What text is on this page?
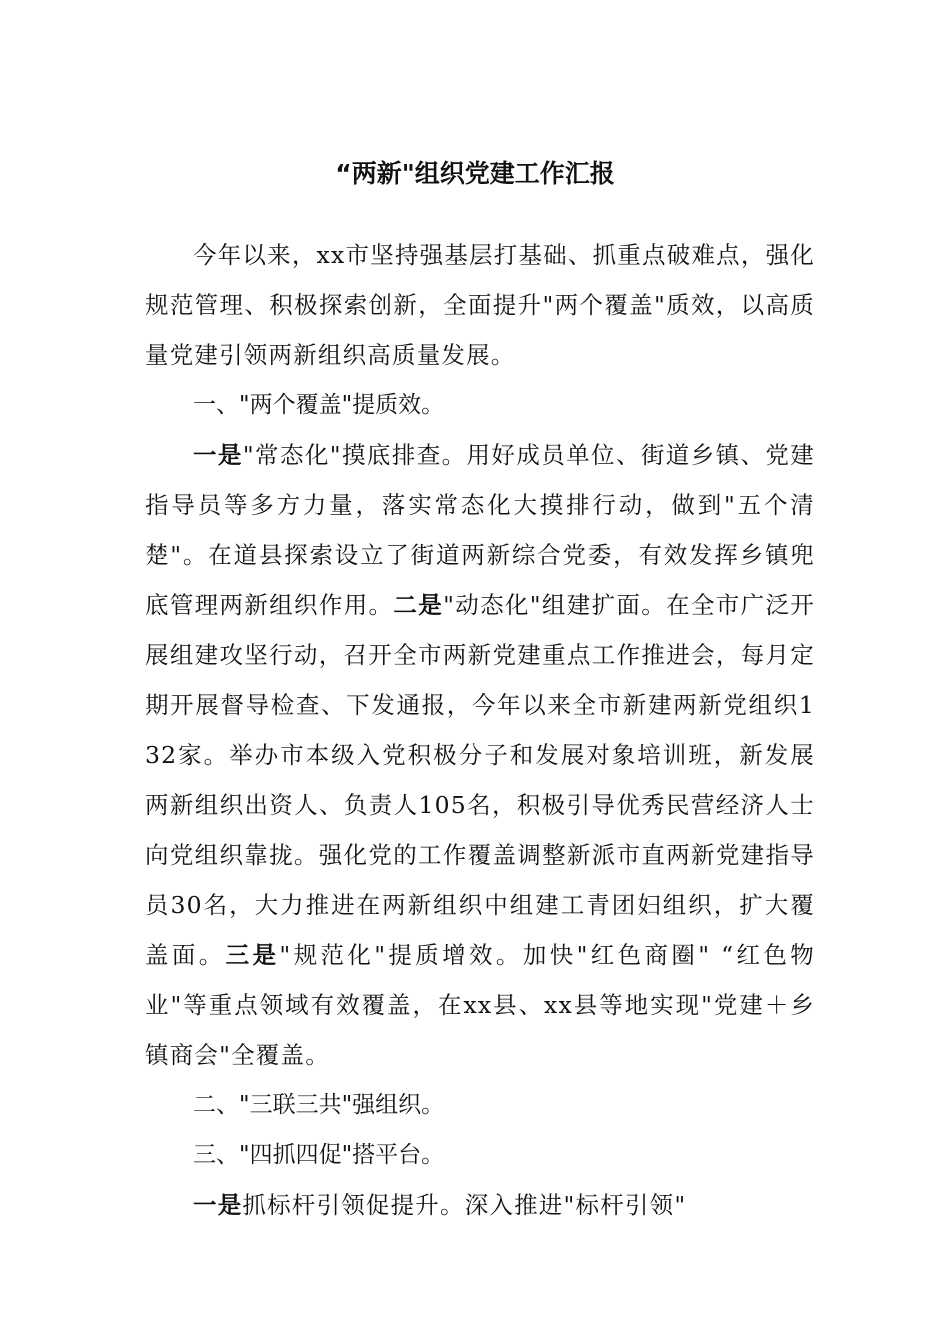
“两新"组织党建工作汇报

今年以来，xx市坚持强基层打基础、抓重点破难点，强化规范管理、积极探索创新，全面提升"两个覆盖"质效，以高质量党建引领两新组织高质量发展。

一、"两个覆盖"提质效。

一是"常态化"摸底排查。用好成员单位、街道乡镇、党建指导员等多方力量，落实常态化大摸排行动，做到"五个清楚"。在道县探索设立了街道两新综合党委，有效发挥乡镇兜底管理两新组织作用。二是"动态化"组建扩面。在全市广泛开展组建攻坚行动，召开全市两新党建重点工作推进会，每月定期开展督导检查、下发通报，今年以来全市新建两新党组织132家。举办市本级入党积极分子和发展对象培训班，新发展两新组织出资人、负责人105名，积极引导优秀民营经济人士向党组织靠拢。强化党的工作覆盖调整新派市直两新党建指导员30名，大力推进在两新组织中组建工青团妇组织，扩大覆盖面。三是"规范化"提质增效。加快"红色商圈" “红色物业"等重点领域有效覆盖，在xx县、xx县等地实现"党建＋乡镇商会"全覆盖。

二、"三联三共"强组织。

三、"四抓四促"搭平台。

一是抓标杆引领促提升。深入推进"标杆引领"
